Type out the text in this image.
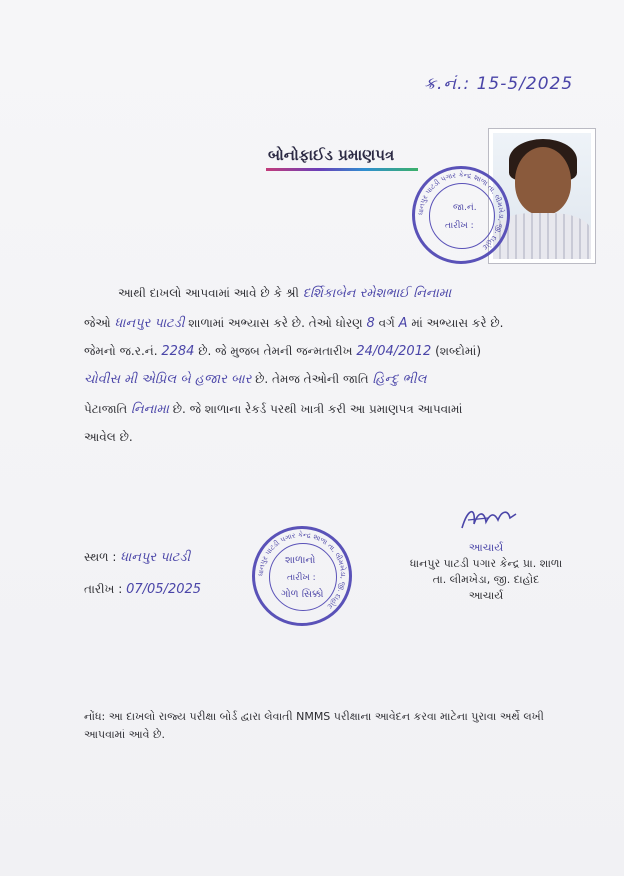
ક્ર.નં.: 15-5/2025
બોનોફાઈડ પ્રમાણપત્ર
ધાનપુર પાટડી પગાર કેન્દ્ર શાળા તા. લીમખેડા, જી. દાહોદ
જા.નં.
તારીખ :
આથી દાખલો આપવામાં આવે છે કે શ્રી દર્શિકાબેન રમેશભાઈ નિનામા
જેઓ ધાનપુર પાટડી શાળામાં અભ્યાસ કરે છે. તેઓ ધોરણ 8 વર્ગ A માં અભ્યાસ કરે છે.
જેમનો જ.ર.નં. 2284 છે. જે મુજબ તેમની જન્મતારીખ 24/04/2012 (શબ્દોમાં)
ચોવીસ મી એપ્રિલ બે હજાર બાર છે. તેમજ તેઓની જાતિ હિન્દુ ભીલ
પેટાજાતિ નિનામા છે. જે શાળાના રેકર્ડ પરથી ખાત્રી કરી આ પ્રમાણપત્ર આપવામાં
આવેલ છે.
સ્થળ : ધાનપુર પાટડી
તારીખ : 07/05/2025
ધાનપુર પાટડી પગાર કેન્દ્ર શાળા તા. લીમખેડા, જી. દાહોદ
શાળાનો
તારીખ :
ગોળ સિક્કો
આચાર્ય
ધાનપુર પાટડી પગાર કેન્દ્ર પ્રા. શાળા
તા. લીમખેડા, જી. દાહોદ
આચાર્ય
નોંધ: આ દાખલો રાજ્ય પરીક્ષા બોર્ડ દ્વારા લેવાતી NMMS પરીક્ષાના આવેદન કરવા માટેના પુરાવા અર્થે લખી આપવામાં આવે છે.
